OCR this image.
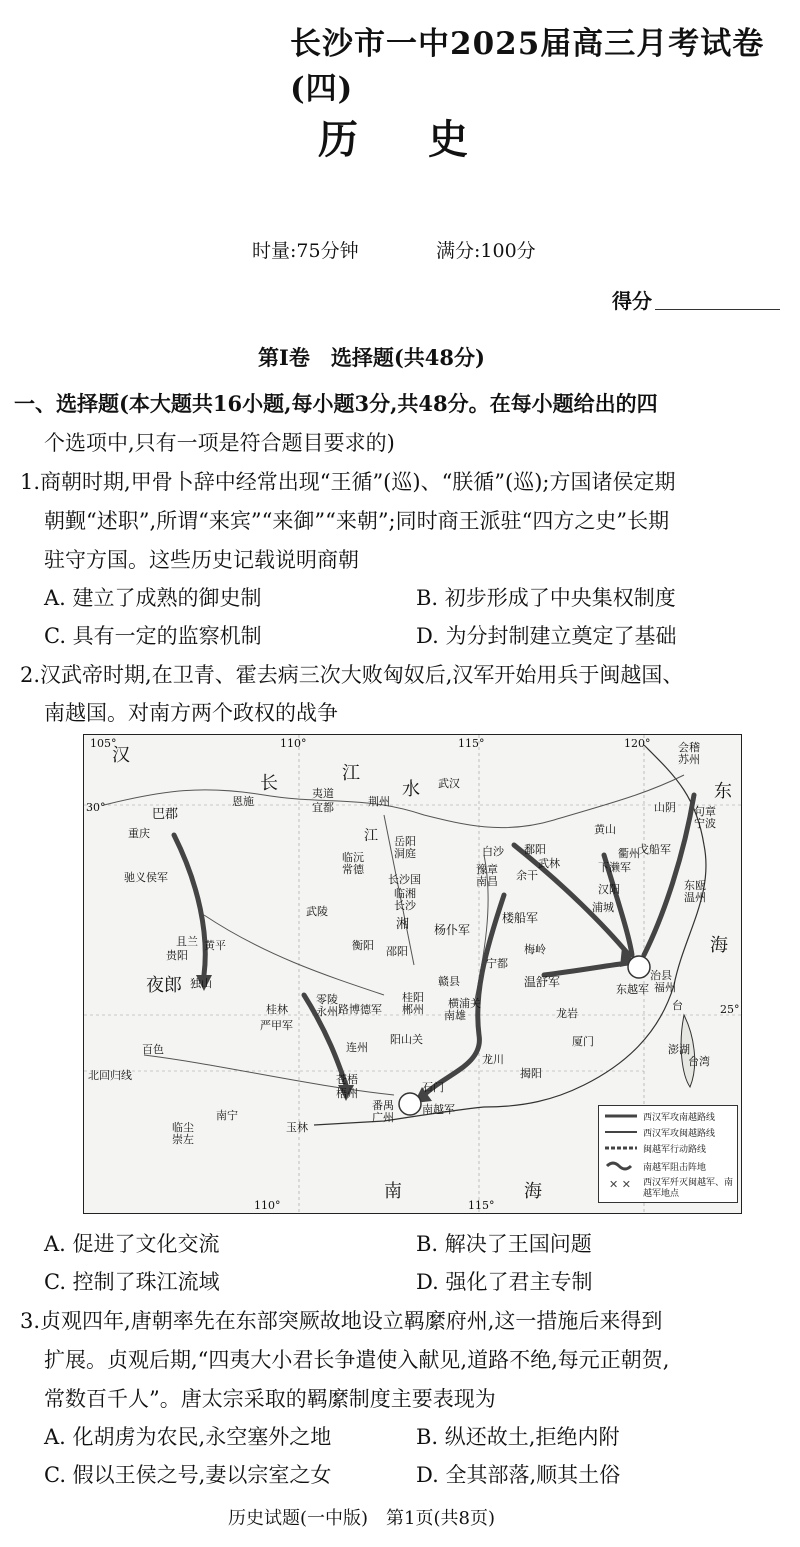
长沙市一中2025届高三月考试卷(四)
历史
时量:75分钟	满分:100分
得分
第Ⅰ卷　选择题(共48分)
一、选择题(本大题共16小题,每小题3分,共48分。在每小题给出的四
个选项中,只有一项是符合题目要求的)
1.商朝时期,甲骨卜辞中经常出现“王循”(巡)、“朕循”(巡);方国诸侯定期
朝觐“述职”,所谓“来宾”“来御”“来朝”;同时商王派驻“四方之史”长期
驻守方国。这些历史记载说明商朝
A. 建立了成熟的御史制	B. 初步形成了中央集权制度
C. 具有一定的监察机制	D. 为分封制建立奠定了基础
2.汉武帝时期,在卫青、霍去病三次大败匈奴后,汉军开始用兵于闽越国、
南越国。对南方两个政权的战争
105°	110°	115°	120°
30°
25°
110°	115°
汉
长	江
水	东
海
南	海
夜郎
巴郡
重庆
驰义侯军
恩施
夷道
宜都	荆州
武汉
江 岳阳
洞庭
临沅
常德
长沙国
临湘
长沙
武陵
湘
衡阳 邵阳
黄平
且兰
贵阳
独山
桂林
严甲军
零陵
永州 路博德军
桂阳
郴州
阳山关
连州
苍梧
梧州
番禺
广州
南越军
石门
龙川
揭阳
百色
北回归线
南宁
临尘
崇左
玉林
会稽
苏州
句章
宁波
东瓯
温州
山阴
黄山
衢州
戈船军
下濑军
汉阳
浦城
鄱阳
余干
武林
白沙
豫章
南昌
楼船军
杨仆军
宁都
梅岭
温舒军	治县
东越军 福州
龙岩
厦门
赣县
横浦关
南雄
台湾
澎湖
台
✕ ✕
西汉军攻南越路线
西汉军攻闽越路线
闽越军行动路线
南越军阻击阵地
西汉军歼灭闽越军、南越军地点
A. 促进了文化交流	B. 解决了王国问题
C. 控制了珠江流域	D. 强化了君主专制
3.贞观四年,唐朝率先在东部突厥故地设立羁縻府州,这一措施后来得到
扩展。贞观后期,“四夷大小君长争遣使入献见,道路不绝,每元正朝贺,
常数百千人”。唐太宗采取的羁縻制度主要表现为
A. 化胡虏为农民,永空塞外之地	B. 纵还故土,拒绝内附
C. 假以王侯之号,妻以宗室之女	D. 全其部落,顺其土俗
历史试题(一中版)　第1页(共8页)
